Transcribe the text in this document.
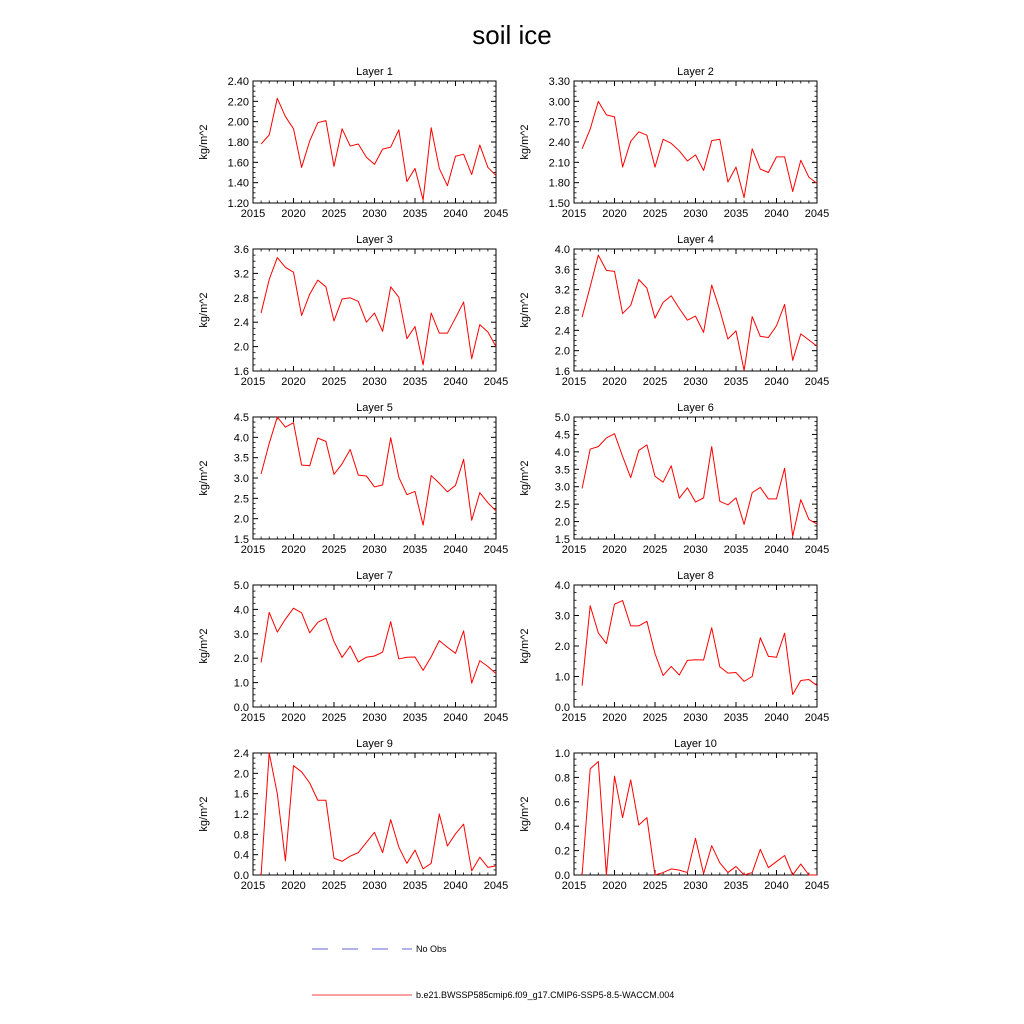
soil ice
Layer 1
2015 2020 2025 2030 2035 2040 2045
1.20
1.40
1.60
1.80
2.00
2.20
2.40
kg/m^2
Layer 2
2015 2020 2025 2030 2035 2040 2045
1.50
1.80
2.10
2.40
2.70
3.00
3.30
kg/m^2
Layer 3
2015 2020 2025 2030 2035 2040 2045
1.6
2.0
2.4
2.8
3.2
3.6
kg/m^2
Layer 4
2015 2020 2025 2030 2035 2040 2045
1.6
2.0
2.4
2.8
3.2
3.6
4.0
kg/m^2
Layer 5
2015 2020 2025 2030 2035 2040 2045
1.5
2.0
2.5
3.0
3.5
4.0
4.5
kg/m^2
Layer 6
2015 2020 2025 2030 2035 2040 2045
1.5
2.0
2.5
3.0
3.5
4.0
4.5
5.0
kg/m^2
Layer 7
2015 2020 2025 2030 2035 2040 2045
0.0
1.0
2.0
3.0
4.0
5.0
kg/m^2
Layer 8
2015 2020 2025 2030 2035 2040 2045
0.0
1.0
2.0
3.0
4.0
kg/m^2
Layer 9
2015 2020 2025 2030 2035 2040 2045
0.0
0.4
0.8
1.2
1.6
2.0
2.4
kg/m^2
Layer 10
2015 2020 2025 2030 2035 2040 2045
0.0
0.2
0.4
0.6
0.8
1.0
kg/m^2
No Obs
b.e21.BWSSP585cmip6.f09_g17.CMIP6-SSP5-8.5-WACCM.004
